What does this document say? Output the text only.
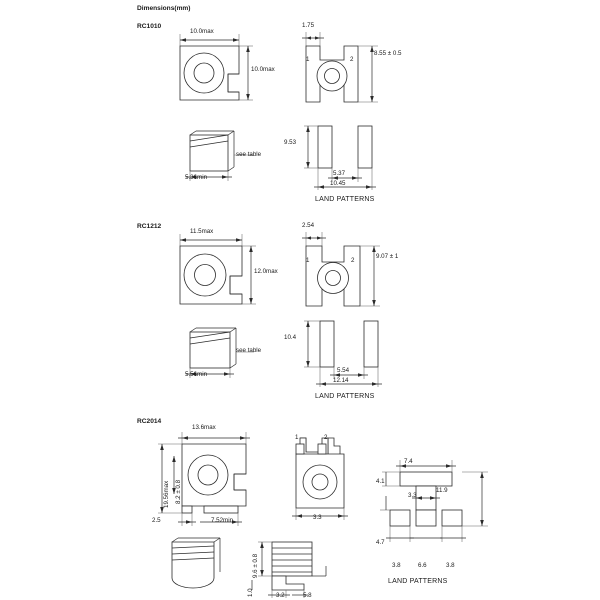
Dimensions(mm)
RC1010
10.0max
10.0max
1.75
1	2
8.55 ± 0.5
5.36min
see table
9.53
5.37
10.45
LAND PATTERNS
RC1212
11.5max
12.0max
2.54
1	2
9.07 ± 1
5.56min
see table
10.4
5.54
12.14
LAND PATTERNS
RC2014
13.6max
19.56max 8.2 ± 0.8
2.5	7.52min
1	2
3.3
9.6 ± 0.8
1.0	3.2	5.8
7.4
4.1
3.3
4.7
11.9
3.8	6.6	3.8
LAND PATTERNS
